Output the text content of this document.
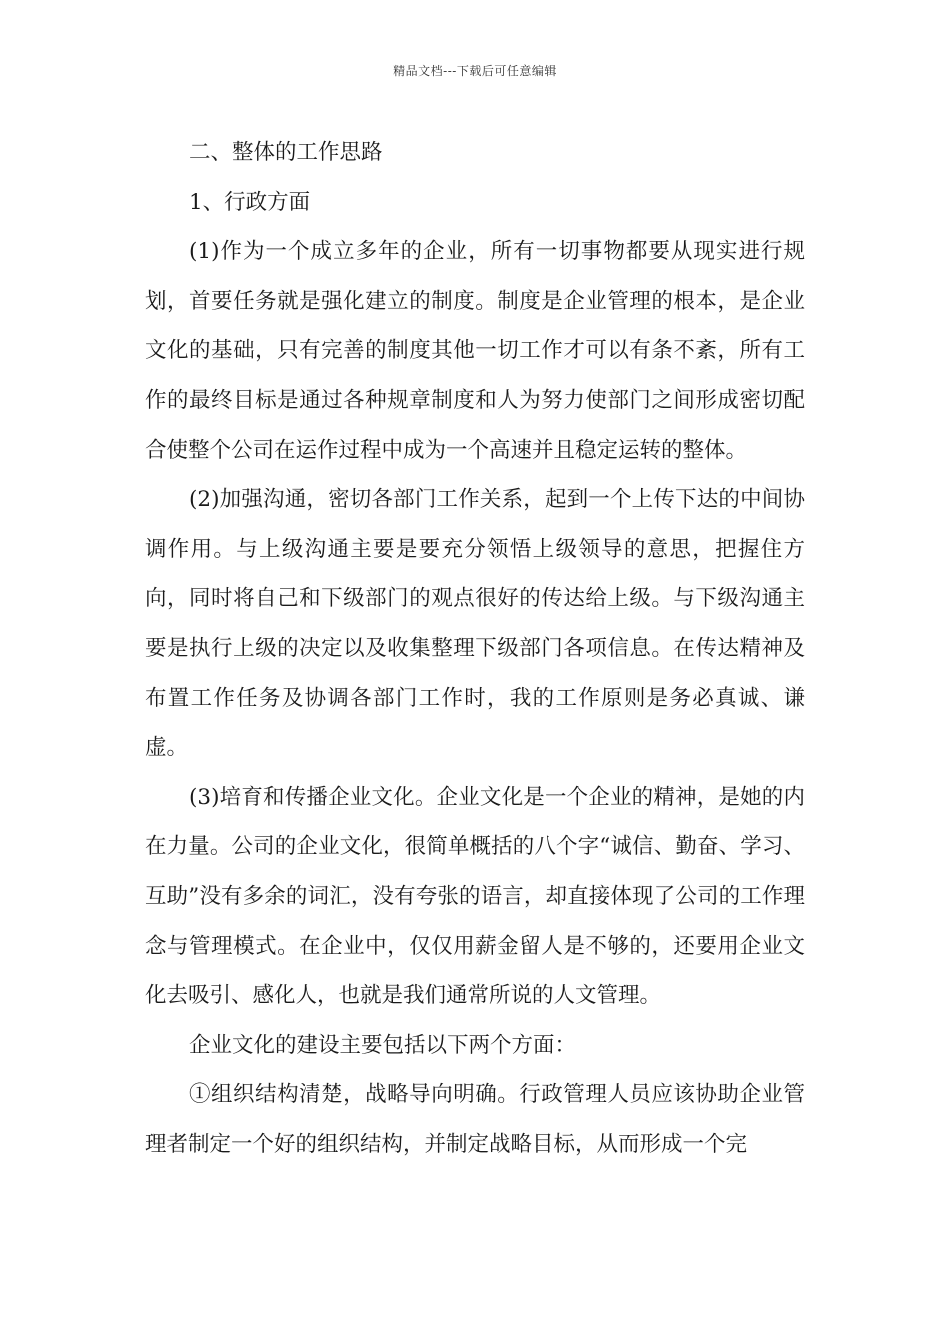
精品文档---下载后可任意编辑

二、整体的工作思路

1、行政方面

(1)作为一个成立多年的企业，所有一切事物都要从现实进行规划，首要任务就是强化建立的制度。制度是企业管理的根本，是企业文化的基础，只有完善的制度其他一切工作才可以有条不紊，所有工作的最终目标是通过各种规章制度和人为努力使部门之间形成密切配合使整个公司在运作过程中成为一个高速并且稳定运转的整体。

(2)加强沟通，密切各部门工作关系，起到一个上传下达的中间协调作用。与上级沟通主要是要充分领悟上级领导的意思，把握住方向，同时将自己和下级部门的观点很好的传达给上级。与下级沟通主要是执行上级的决定以及收集整理下级部门各项信息。在传达精神及布置工作任务及协调各部门工作时，我的工作原则是务必真诚、谦虚。

(3)培育和传播企业文化。企业文化是一个企业的精神，是她的内在力量。公司的企业文化，很简单概括的八个字“诚信、勤奋、学习、互助”没有多余的词汇，没有夸张的语言，却直接体现了公司的工作理念与管理模式。在企业中，仅仅用薪金留人是不够的，还要用企业文化去吸引、感化人，也就是我们通常所说的人文管理。

企业文化的建设主要包括以下两个方面：

①组织结构清楚，战略导向明确。行政管理人员应该协助企业管理者制定一个好的组织结构，并制定战略目标，从而形成一个完
